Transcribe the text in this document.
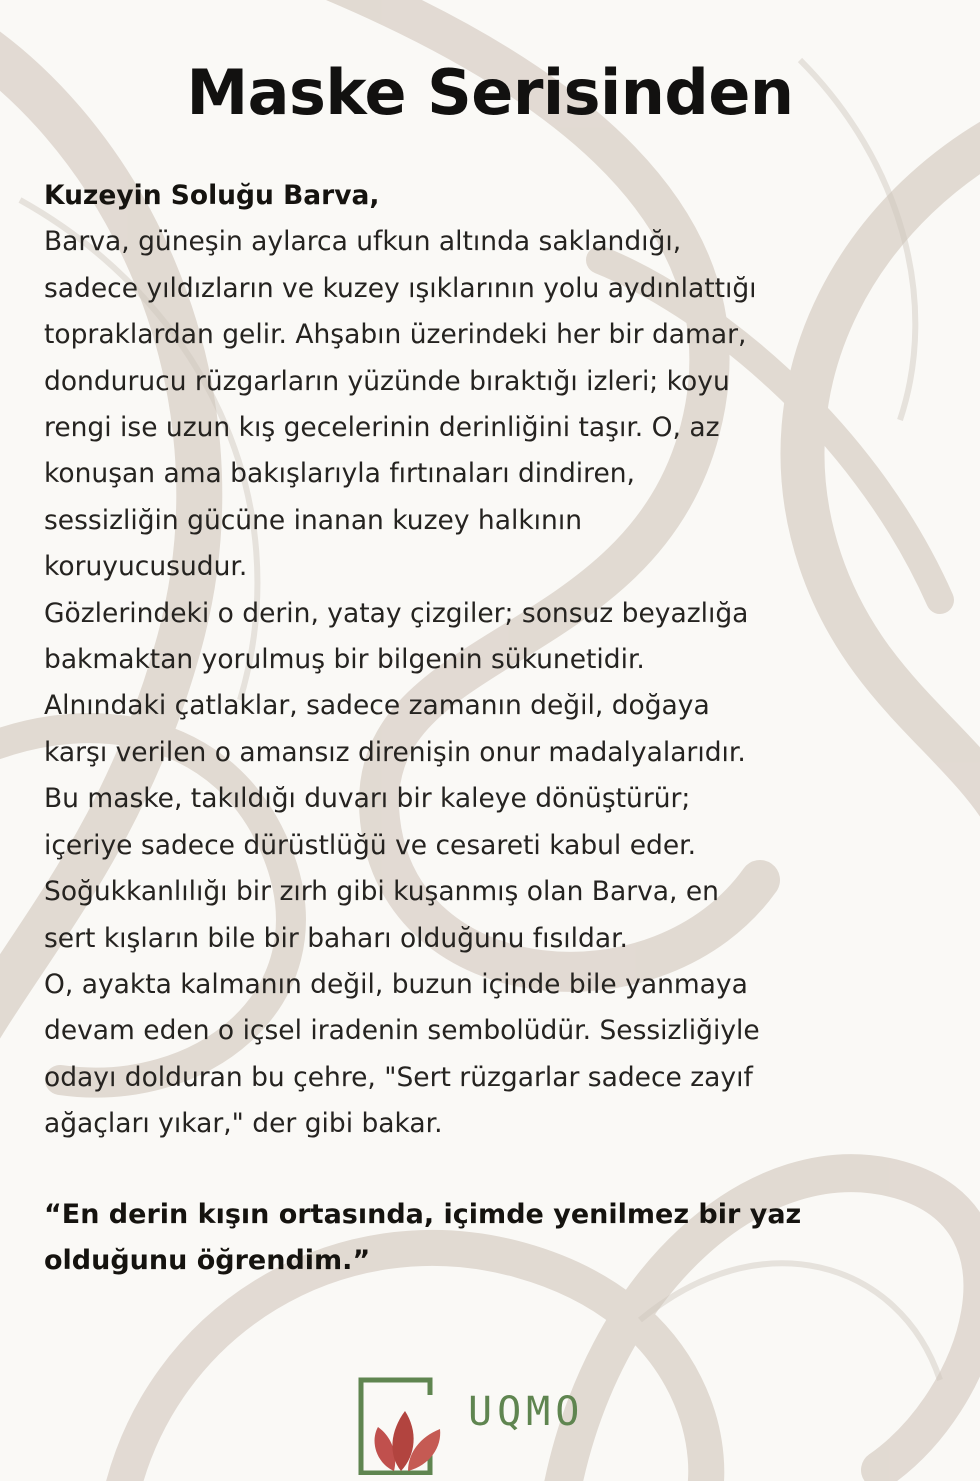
Maske Serisinden
Kuzeyin Soluğu Barva,
Barva, güneşin aylarca ufkun altında saklandığı,
sadece yıldızların ve kuzey ışıklarının yolu aydınlattığı
topraklardan gelir. Ahşabın üzerindeki her bir damar,
dondurucu rüzgarların yüzünde bıraktığı izleri; koyu
rengi ise uzun kış gecelerinin derinliğini taşır. O, az
konuşan ama bakışlarıyla fırtınaları dindiren,
sessizliğin gücüne inanan kuzey halkının
koruyucusudur.
Gözlerindeki o derin, yatay çizgiler; sonsuz beyazlığa
bakmaktan yorulmuş bir bilgenin sükunetidir.
Alnındaki çatlaklar, sadece zamanın değil, doğaya
karşı verilen o amansız direnişin onur madalyalarıdır.
Bu maske, takıldığı duvarı bir kaleye dönüştürür;
içeriye sadece dürüstlüğü ve cesareti kabul eder.
Soğukkanlılığı bir zırh gibi kuşanmış olan Barva, en
sert kışların bile bir baharı olduğunu fısıldar.
O, ayakta kalmanın değil, buzun içinde bile yanmaya
devam eden o içsel iradenin sembolüdür. Sessizliğiyle
odayı dolduran bu çehre, "Sert rüzgarlar sadece zayıf
ağaçları yıkar," der gibi bakar.
“En derin kışın ortasında, içimde yenilmez bir yaz
olduğunu öğrendim.”
UQMO
